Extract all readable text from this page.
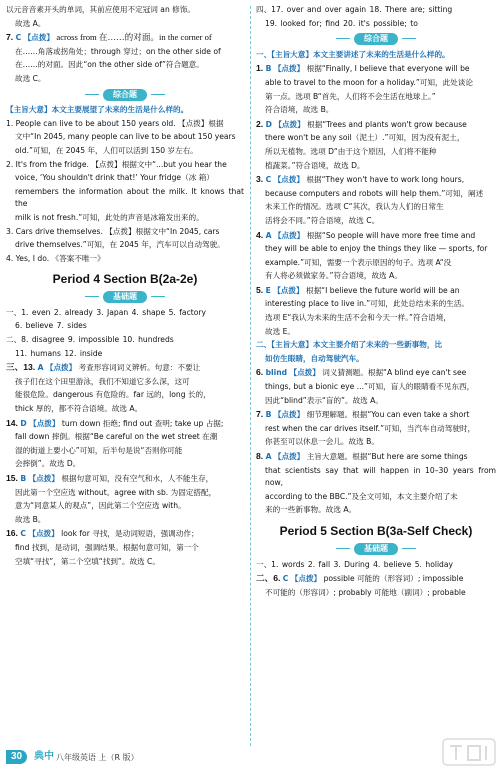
以元音音素开头的单词，其前应使用不定冠词 an 修饰。

故选 A。

7. C 【点拨】 across from 在……的对面。in the corner of

在……角落或拐角处；through 穿过；on the other side of

在……的对面。因此“on the other side of”符合题意。

故选 C。

综合题

【主旨大意】本文主要展望了未来的生活是什么样的。

1. People can live to be about 150 years old. 【点拨】根据

文中“In 2045, many people can live to be about 150 years

old.”可知，在 2045 年，人们可以活到 150 岁左右。

2. It's from the fridge. 【点拨】根据文中“...but you hear the

voice, ‘You shouldn't drink that!’ Your fridge（冰 箱）

remembers the information about the milk. It knows that the

milk is not fresh.”可知，此处的声音是冰箱发出来的。

3. Cars drive themselves. 【点拨】根据文中“In 2045, cars

drive themselves.”可知，在 2045 年，汽车可以自动驾驶。

4. Yes, I do. 《答案不唯一》

Period 4 Section B(2a-2e)
基础题

一、1. even 2. already 3. Japan 4. shape 5. factory

6. believe 7. sides

二、8. disagree 9. impossible 10. hundreds

11. humans 12. inside

三、13. A 【点拨】 考查形容词词义辨析。句意：不要让

孩子们在这个田里游泳，我们不知道它多么深，这可

能很危险。dangerous 有危险的。far 远的，long 长的，

thick 厚的，都不符合语境。故选 A。

14. D 【点拨】 turn down 拒绝; find out 查明; take up 占据;

fall down 摔倒。根据“Be careful on the wet street 在潮

湿的街道上要小心”可知，后半句是说“否则你可能

会摔倒”。故选 D。

15. B 【点拨】 根据句意可知，没有空气和水，人不能生存，

因此第一个空应选 without。agree with sb. 为固定搭配，

意为“同意某人的观点”，因此第二个空应选 with。

故选 B。

16. C 【点拨】 look for 寻找，是动词短语，强调动作；

find 找到，是动词，强调结果。根据句意可知，第一个

空填“寻找”，第二个空填“找到”。故选 C。

四、17. over and over again 18. There are; sitting

19. looked for; find 20. it's possible; to

综合题

一、【主旨大意】本文主要讲述了未来的生活是什么样的。

1. B 【点拨】 根据“Finally, I believe that everyone will be

able to travel to the moon for a holiday.”可知，此处谈论

第一点。选项 B“首先，人们将不会生活在地球上。”

符合语境，故选 B。

2. D 【点拨】 根据“Trees and plants won't grow because

there won't be any soil（泥土）.”可知，因为没有泥土，

所以无植物。选项 D“由于这个原因，人们将不能种

植蔬菜。”符合语境，故选 D。

3. C 【点拨】 根据“They won't have to work long hours,

because computers and robots will help them.”可知，阐述

未来工作的情况。选项 C“其次，我认为人们的日常生

活将会不同。”符合语境，故选 C。

4. A 【点拨】 根据“So people will have more free time and

they will be able to enjoy the things they like — sports, for

example.”可知，需要一个表示原因的句子。选项 A“没

有人将必须做家务。”符合语境，故选 A。

5. E 【点拨】 根据“I believe the future world will be an

interesting place to live in.”可知，此处总结未来的生活。

选项 E“我认为未来的生活不会和今天一样。”符合语境，

故选 E。

二、【主旨大意】本文主要介绍了未来的一些新事物，比

如仿生眼睛，自动驾驶汽车。

6. blind 【点拨】 词义猜测题。根据“A blind eye can't see

things, but a bionic eye ...”可知，盲人的眼睛看不见东西，

因此“blind”表示“盲的”。故选 A。

7. B 【点拨】 细节理解题。根据“You can even take a short

rest when the car drives itself.”可知，当汽车自动驾驶时，

你甚至可以休息一会儿。故选 B。

8. A 【点拨】 主旨大意题。根据“But here are some things

that scientists say that will happen in 10–30 years from now,

according to the BBC.”及全文可知，本文主要介绍了未

来的一些新事物。故选 A。

Period 5 Section B(3a-Self Check)
基础题

一、1. words 2. fall 3. During 4. believe 5. holiday

二、6. C 【点拨】 possible 可能的（形容词）; impossible

不可能的（形容词）; probably 可能地（副词）; probable

30	典中 八年级英语 上（R 版）
